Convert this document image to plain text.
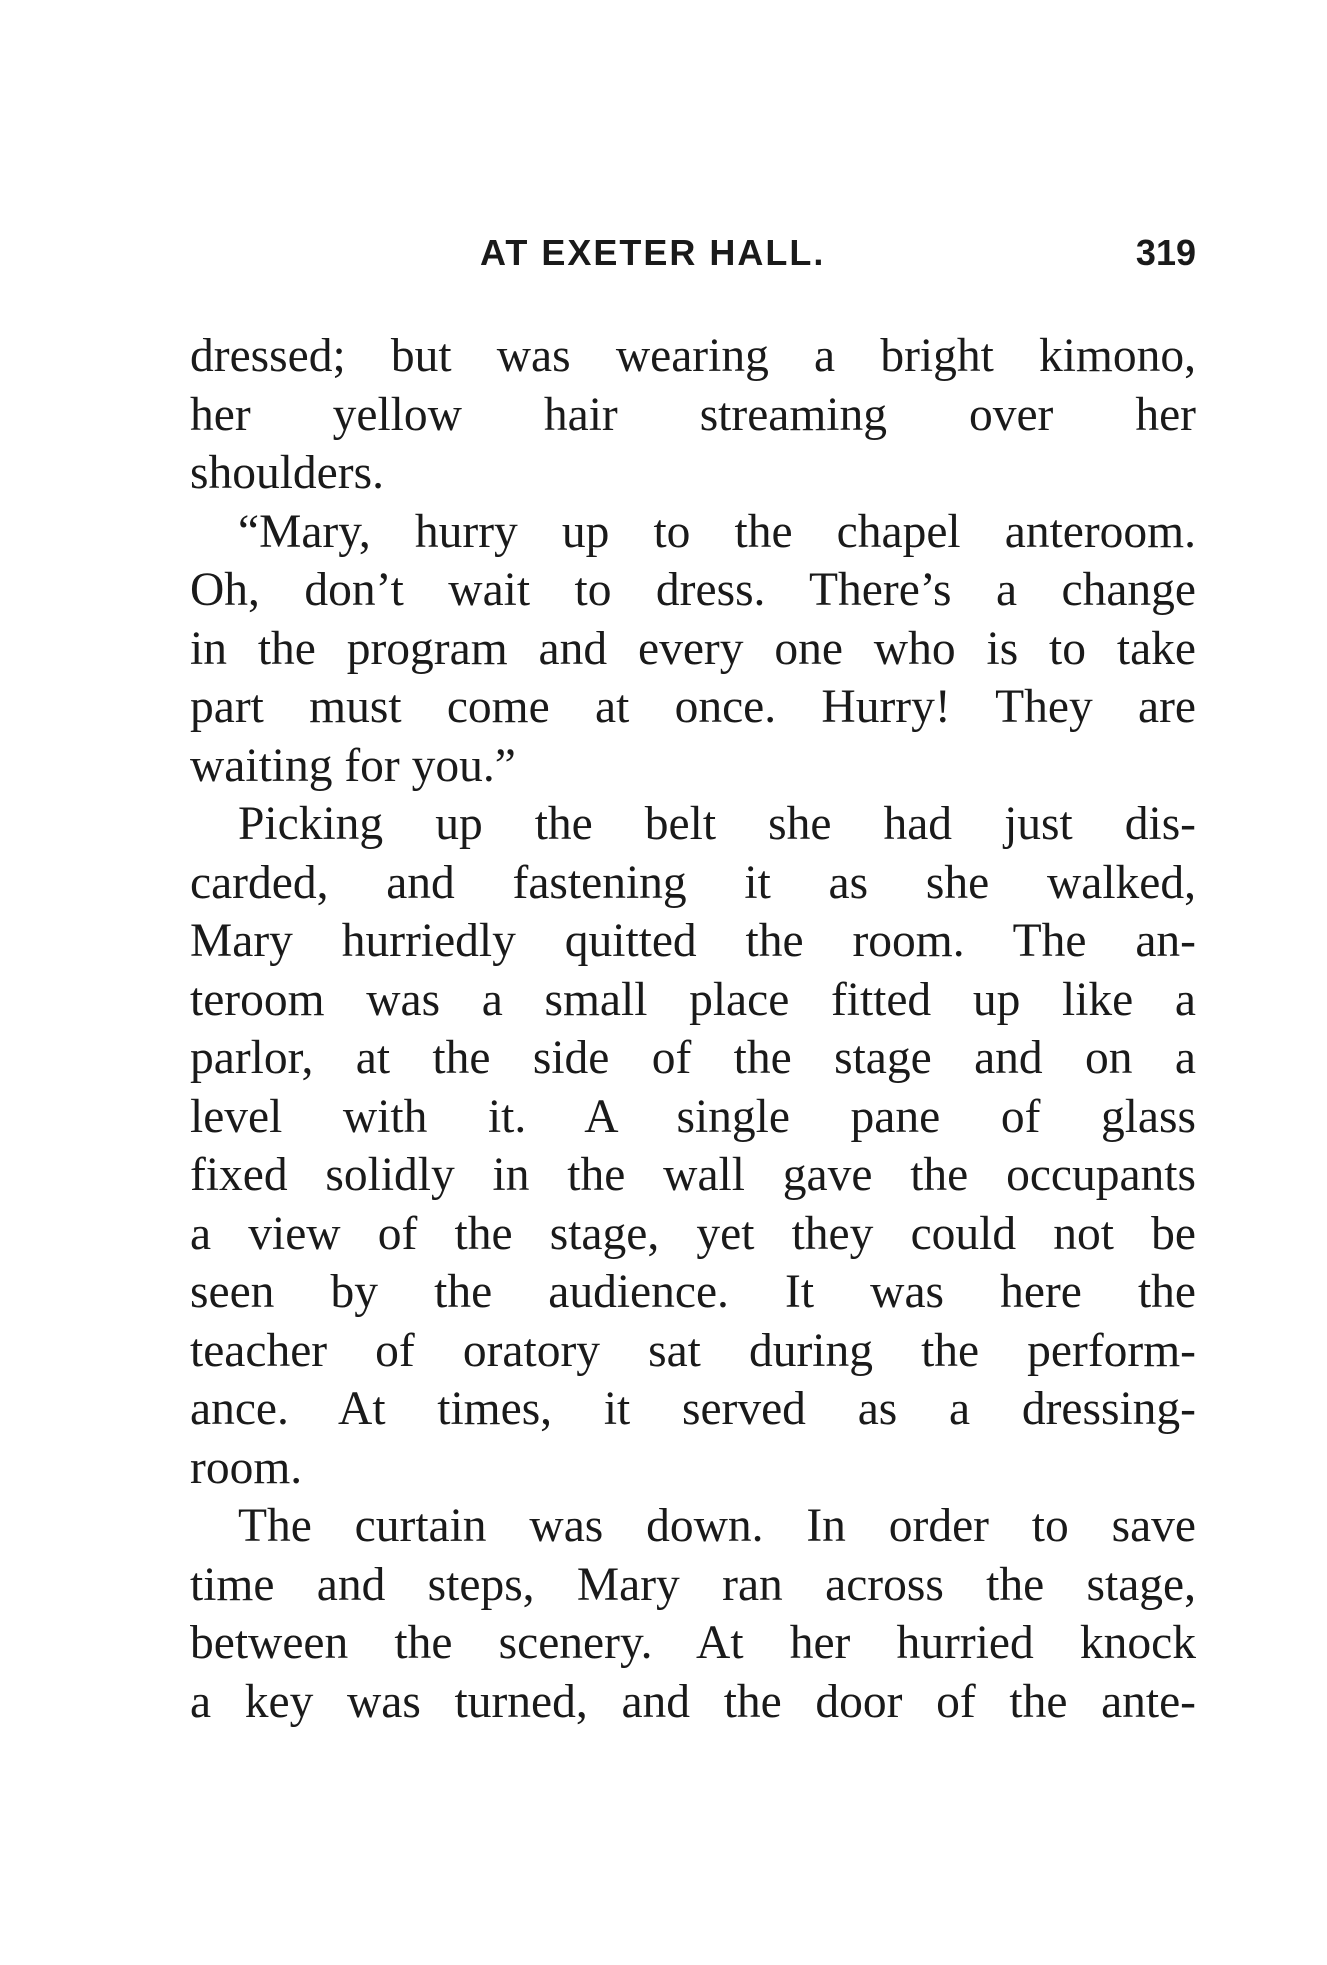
AT EXETER HALL.	319

dressed; but was wearing a bright kimono,
her yellow hair streaming over her
shoulders.

“Mary, hurry up to the chapel anteroom.
Oh, don’t wait to dress. There’s a change
in the program and every one who is to take
part must come at once. Hurry! They are
waiting for you.”

Picking up the belt she had just dis-
carded, and fastening it as she walked,
Mary hurriedly quitted the room. The an-
teroom was a small place fitted up like a
parlor, at the side of the stage and on a
level with it. A single pane of glass
fixed solidly in the wall gave the occupants
a view of the stage, yet they could not be
seen by the audience. It was here the
teacher of oratory sat during the perform-
ance. At times, it served as a dressing-
room.

The curtain was down. In order to save
time and steps, Mary ran across the stage,
between the scenery. At her hurried knock
a key was turned, and the door of the ante-
